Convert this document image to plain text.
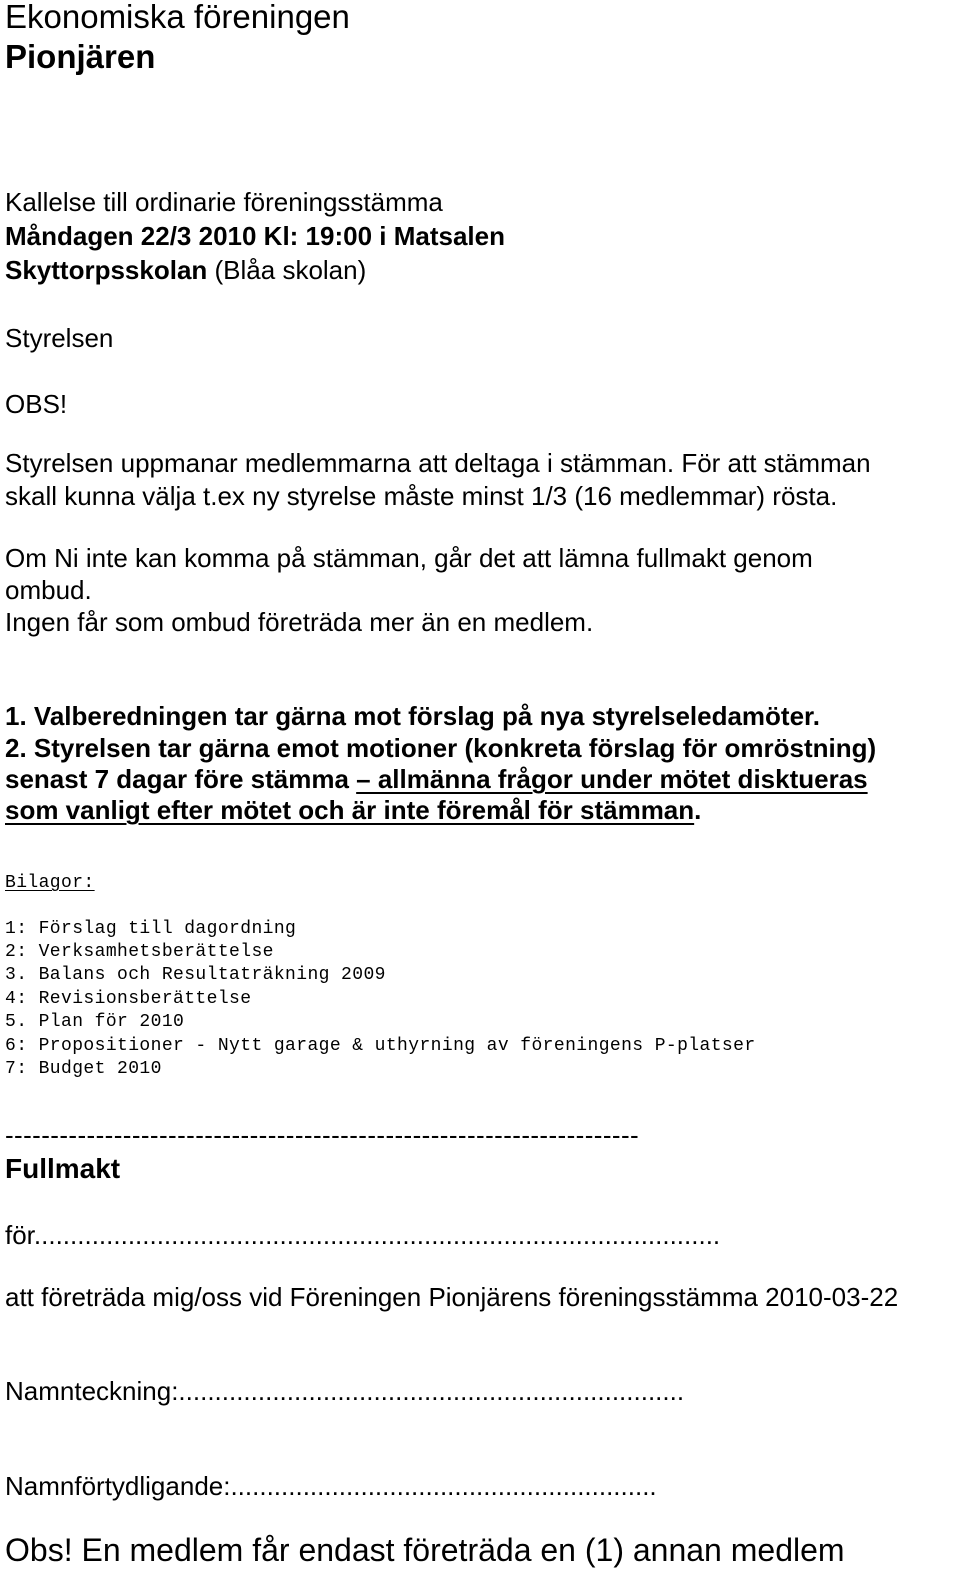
Ekonomiska föreningen
Pionjären
Kallelse till ordinarie föreningsstämma
Måndagen 22/3 2010 Kl: 19:00 i Matsalen
Skyttorpsskolan (Blåa skolan)
Styrelsen
OBS!
Styrelsen uppmanar medlemmarna att deltaga i stämman. För att stämman
skall kunna välja t.ex ny styrelse måste minst 1/3 (16 medlemmar) rösta.
Om Ni inte kan komma på stämman, går det att lämna fullmakt genom
ombud.
Ingen får som ombud företräda mer än en medlem.
1. Valberedningen tar gärna mot förslag på nya styrelseledamöter.
2. Styrelsen tar gärna emot motioner (konkreta förslag för omröstning)
senast 7 dagar före stämma – allmänna frågor under mötet disktueras
som vanligt efter mötet och är inte föremål för stämman.
Bilagor:
1: Förslag till dagordning
2: Verksamhetsberättelse
3. Balans och Resultaträkning 2009
4: Revisionsberättelse
5. Plan för 2010
6: Propositioner - Nytt garage & uthyrning av föreningens P-platser
7: Budget 2010
----------------------------------------------------------------------
Fullmakt
för...............................................................................................
att företräda mig/oss vid Föreningen Pionjärens föreningsstämma 2010-03-22
Namnteckning:......................................................................
Namnförtydligande:...........................................................
Obs! En medlem får endast företräda en (1) annan medlem
